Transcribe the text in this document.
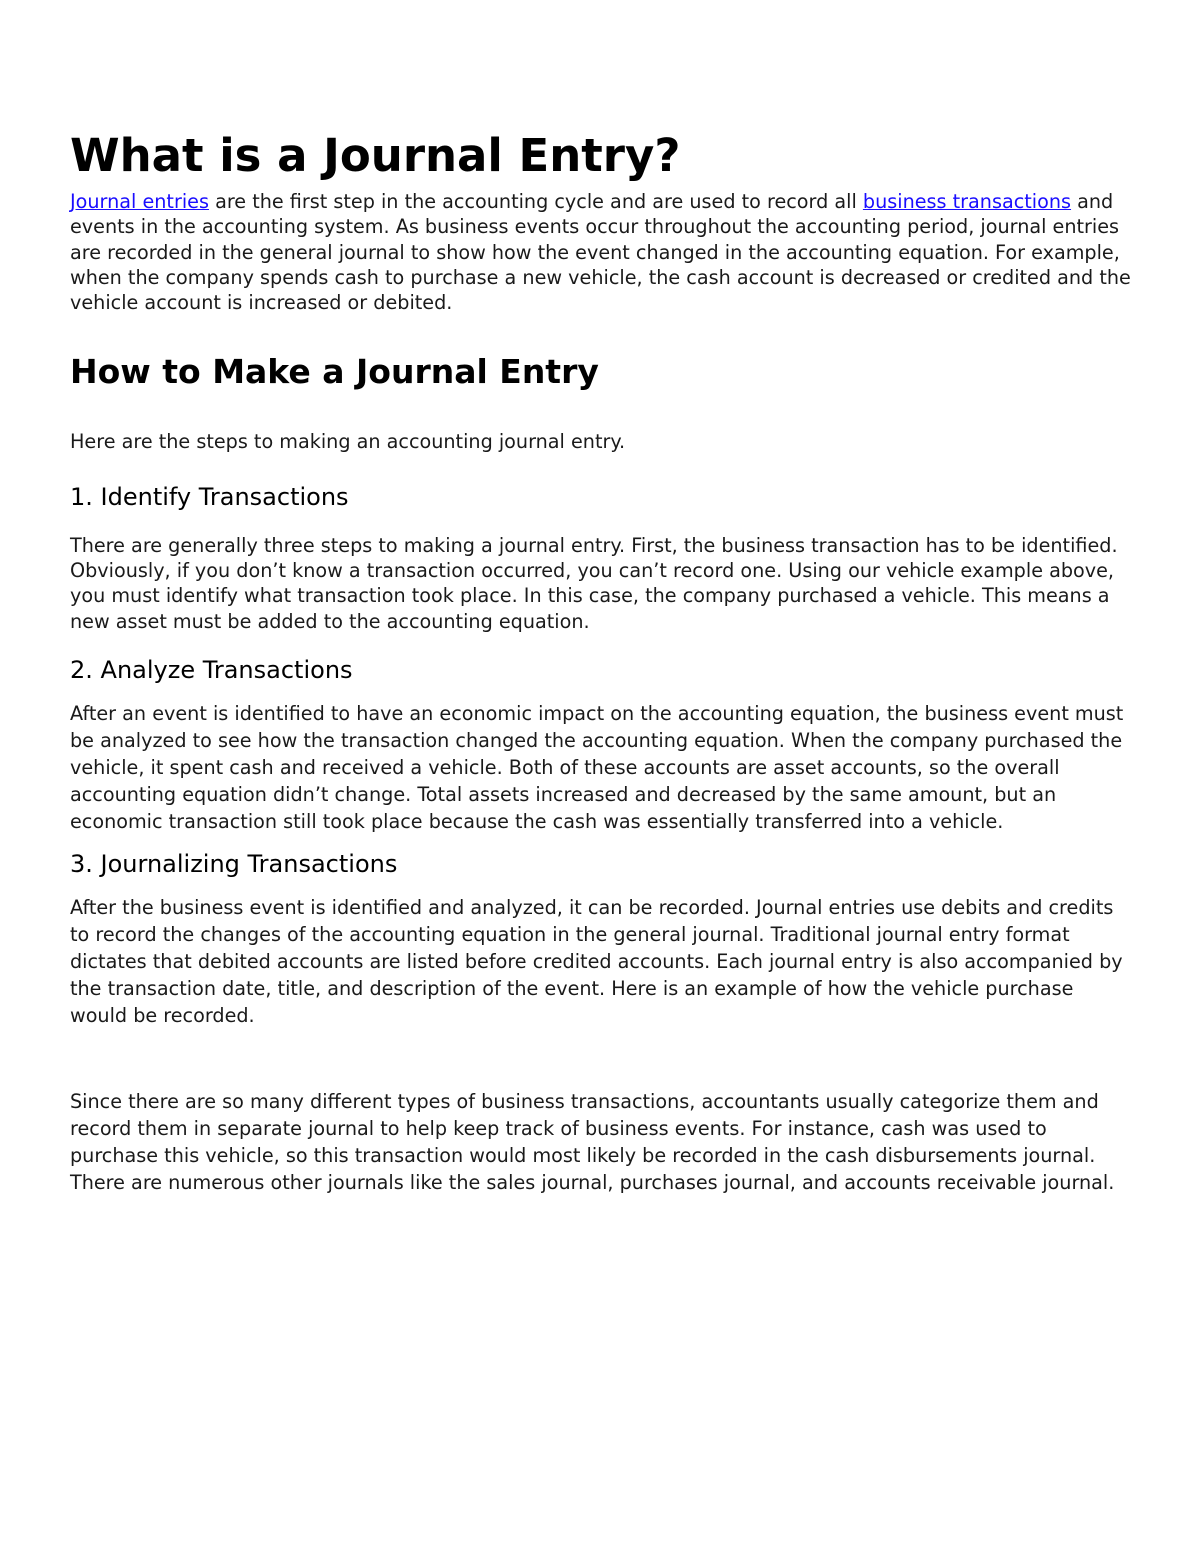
What is a Journal Entry?

Journal entries are the first step in the accounting cycle and are used to record all business transactions and events in the accounting system. As business events occur throughout the accounting period, journal entries are recorded in the general journal to show how the event changed in the accounting equation. For example, when the company spends cash to purchase a new vehicle, the cash account is decreased or credited and the vehicle account is increased or debited.

How to Make a Journal Entry

Here are the steps to making an accounting journal entry.

1. Identify Transactions

There are generally three steps to making a journal entry. First, the business transaction has to be identified. Obviously, if you don’t know a transaction occurred, you can’t record one. Using our vehicle example above, you must identify what transaction took place. In this case, the company purchased a vehicle. This means a new asset must be added to the accounting equation.

2. Analyze Transactions

After an event is identified to have an economic impact on the accounting equation, the business event must be analyzed to see how the transaction changed the accounting equation. When the company purchased the vehicle, it spent cash and received a vehicle. Both of these accounts are asset accounts, so the overall accounting equation didn’t change. Total assets increased and decreased by the same amount, but an economic transaction still took place because the cash was essentially transferred into a vehicle.

3. Journalizing Transactions

After the business event is identified and analyzed, it can be recorded. Journal entries use debits and credits to record the changes of the accounting equation in the general journal. Traditional journal entry format dictates that debited accounts are listed before credited accounts. Each journal entry is also accompanied by the transaction date, title, and description of the event. Here is an example of how the vehicle purchase would be recorded.

Since there are so many different types of business transactions, accountants usually categorize them and record them in separate journal to help keep track of business events. For instance, cash was used to purchase this vehicle, so this transaction would most likely be recorded in the cash disbursements journal. There are numerous other journals like the sales journal, purchases journal, and accounts receivable journal.
